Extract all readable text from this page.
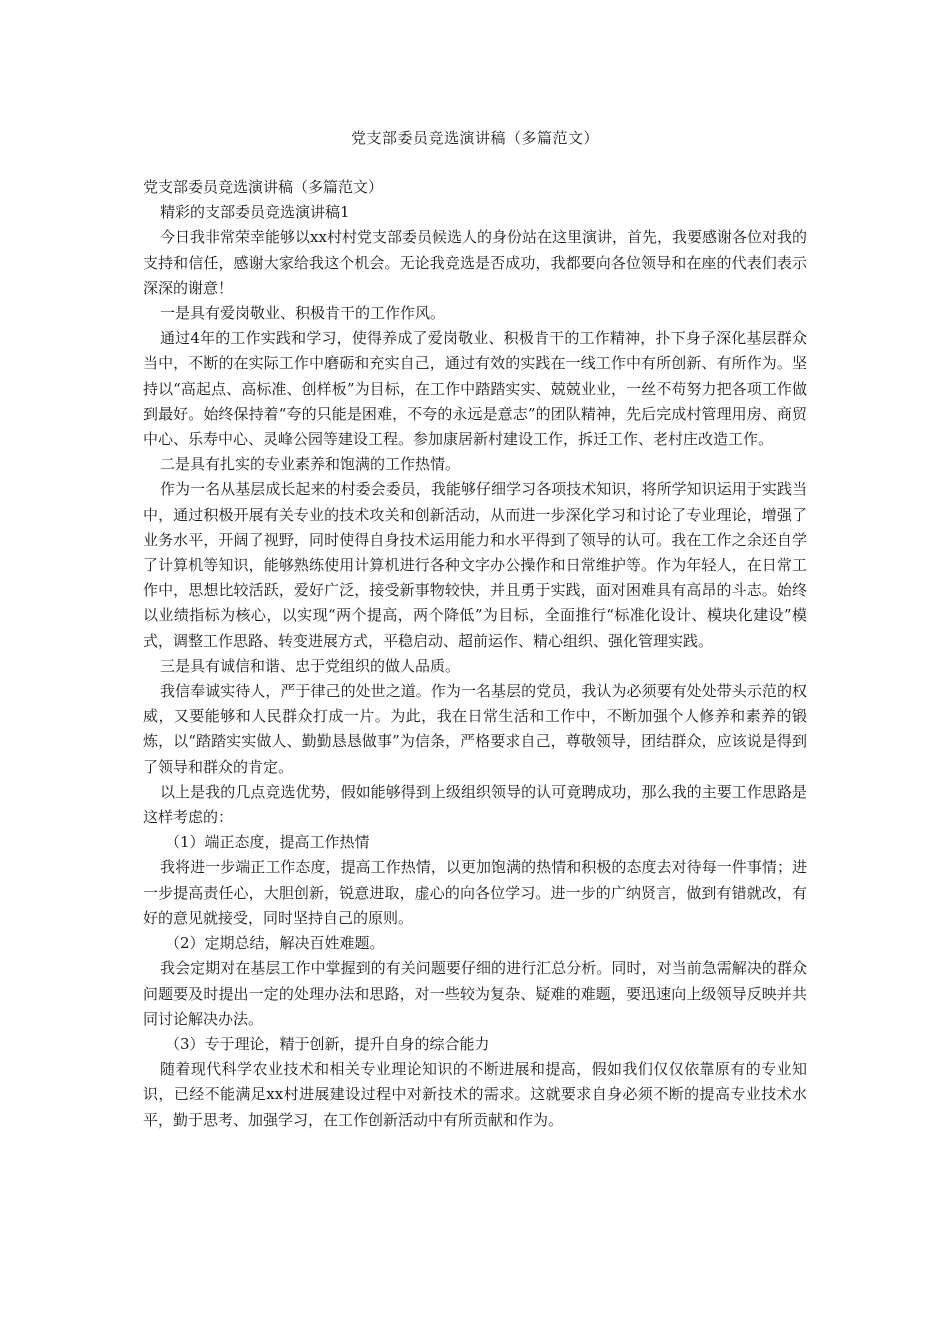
党支部委员竞选演讲稿（多篇范文）

党支部委员竞选演讲稿（多篇范文）

精彩的支部委员竞选演讲稿1

今日我非常荣幸能够以xx村村党支部委员候选人的身份站在这里演讲，首先，我要感谢各位对我的支持和信任，感谢大家给我这个机会。无论我竞选是否成功，我都要向各位领导和在座的代表们表示深深的谢意！

一是具有爱岗敬业、积极肯干的工作作风。

通过4年的工作实践和学习，使得养成了爱岗敬业、积极肯干的工作精神，扑下身子深化基层群众当中，不断的在实际工作中磨砺和充实自己，通过有效的实践在一线工作中有所创新、有所作为。坚持以“高起点、高标准、创样板”为目标，在工作中踏踏实实、兢兢业业，一丝不苟努力把各项工作做到最好。始终保持着“夸的只能是困难，不夸的永远是意志”的团队精神，先后完成村管理用房、商贸中心、乐寿中心、灵峰公园等建设工程。参加康居新村建设工作，拆迁工作、老村庄改造工作。

二是具有扎实的专业素养和饱满的工作热情。

作为一名从基层成长起来的村委会委员，我能够仔细学习各项技术知识，将所学知识运用于实践当中，通过积极开展有关专业的技术攻关和创新活动，从而进一步深化学习和讨论了专业理论，增强了业务水平，开阔了视野，同时使得自身技术运用能力和水平得到了领导的认可。我在工作之余还自学了计算机等知识，能够熟练使用计算机进行各种文字办公操作和日常维护等。作为年轻人，在日常工作中，思想比较活跃，爱好广泛，接受新事物较快，并且勇于实践，面对困难具有高昂的斗志。始终以业绩指标为核心，以实现“两个提高，两个降低”为目标，全面推行“标准化设计、模块化建设”模式，调整工作思路、转变进展方式，平稳启动、超前运作、精心组织、强化管理实践。

三是具有诚信和谐、忠于党组织的做人品质。

我信奉诚实待人，严于律己的处世之道。作为一名基层的党员，我认为必须要有处处带头示范的权威，又要能够和人民群众打成一片。为此，我在日常生活和工作中，不断加强个人修养和素养的锻炼，以“踏踏实实做人、勤勤恳恳做事”为信条，严格要求自己，尊敬领导，团结群众，应该说是得到了领导和群众的肯定。

以上是我的几点竞选优势，假如能够得到上级组织领导的认可竟聘成功，那么我的主要工作思路是这样考虑的：

（1）端正态度，提高工作热情

我将进一步端正工作态度，提高工作热情，以更加饱满的热情和积极的态度去对待每一件事情；进一步提高责任心，大胆创新，锐意进取，虚心的向各位学习。进一步的广纳贤言，做到有错就改，有好的意见就接受，同时坚持自己的原则。

（2）定期总结，解决百姓难题。

我会定期对在基层工作中掌握到的有关问题要仔细的进行汇总分析。同时，对当前急需解决的群众问题要及时提出一定的处理办法和思路，对一些较为复杂、疑难的难题，要迅速向上级领导反映并共同讨论解决办法。

（3）专于理论，精于创新，提升自身的综合能力

随着现代科学农业技术和相关专业理论知识的不断进展和提高，假如我们仅仅依靠原有的专业知识，已经不能满足xx村进展建设过程中对新技术的需求。这就要求自身必须不断的提高专业技术水平，勤于思考、加强学习，在工作创新活动中有所贡献和作为。
